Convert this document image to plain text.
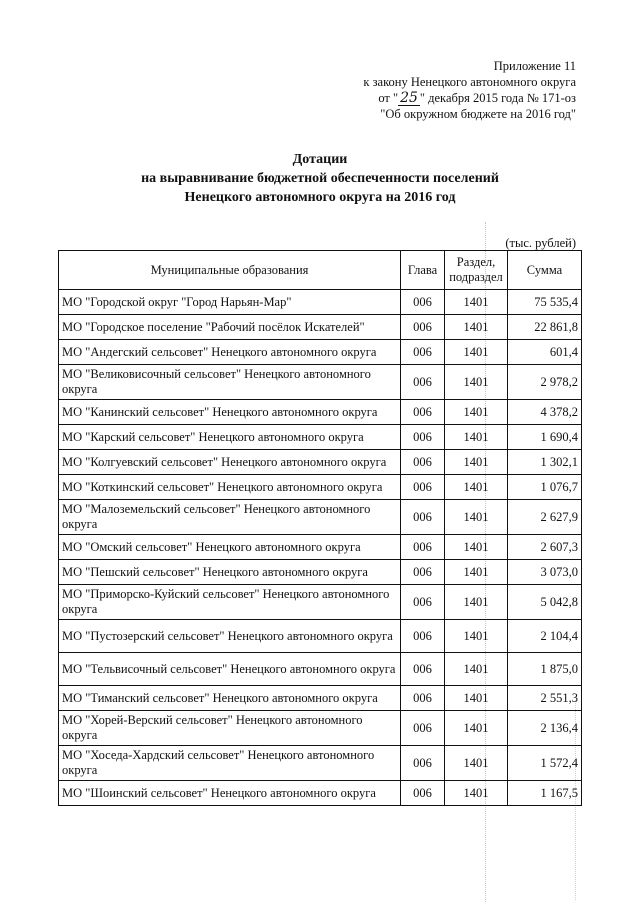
Приложение 11
к закону Ненецкого автономного округа
от " 25 " декабря 2015 года № 171-оз
"Об окружном бюджете на 2016 год"
Дотации
на выравнивание бюджетной обеспеченности поселений
Ненецкого автономного округа на 2016 год
(тыс. рублей)
Муниципальные образования	Глава	Раздел, подраздел	Сумма
МО "Городской округ "Город Нарьян-Мар"	006	1401	75 535,4
МО "Городское поселение "Рабочий посёлок Искателей"	006	1401	22 861,8
МО "Андегский сельсовет" Ненецкого автономного округа	006	1401	601,4
МО "Великовисочный сельсовет" Ненецкого автономного округа	006	1401	2 978,2
МО "Канинский сельсовет" Ненецкого автономного округа	006	1401	4 378,2
МО "Карский сельсовет" Ненецкого автономного округа	006	1401	1 690,4
МО "Колгуевский сельсовет" Ненецкого автономного округа	006	1401	1 302,1
МО "Коткинский сельсовет" Ненецкого автономного округа	006	1401	1 076,7
МО "Малоземельский сельсовет" Ненецкого автономного округа	006	1401	2 627,9
МО "Омский сельсовет" Ненецкого автономного округа	006	1401	2 607,3
МО "Пешский сельсовет" Ненецкого автономного округа	006	1401	3 073,0
МО "Приморско-Куйский сельсовет" Ненецкого автономного округа	006	1401	5 042,8
МО "Пустозерский сельсовет" Ненецкого автономного округа	006	1401	2 104,4
МО "Тельвисочный сельсовет" Ненецкого автономного округа	006	1401	1 875,0
МО "Тиманский сельсовет" Ненецкого автономного округа	006	1401	2 551,3
МО "Хорей-Верский сельсовет" Ненецкого автономного округа	006	1401	2 136,4
МО "Хоседа-Хардский сельсовет" Ненецкого автономного округа	006	1401	1 572,4
МО "Шоинский сельсовет" Ненецкого автономного округа	006	1401	1 167,5
